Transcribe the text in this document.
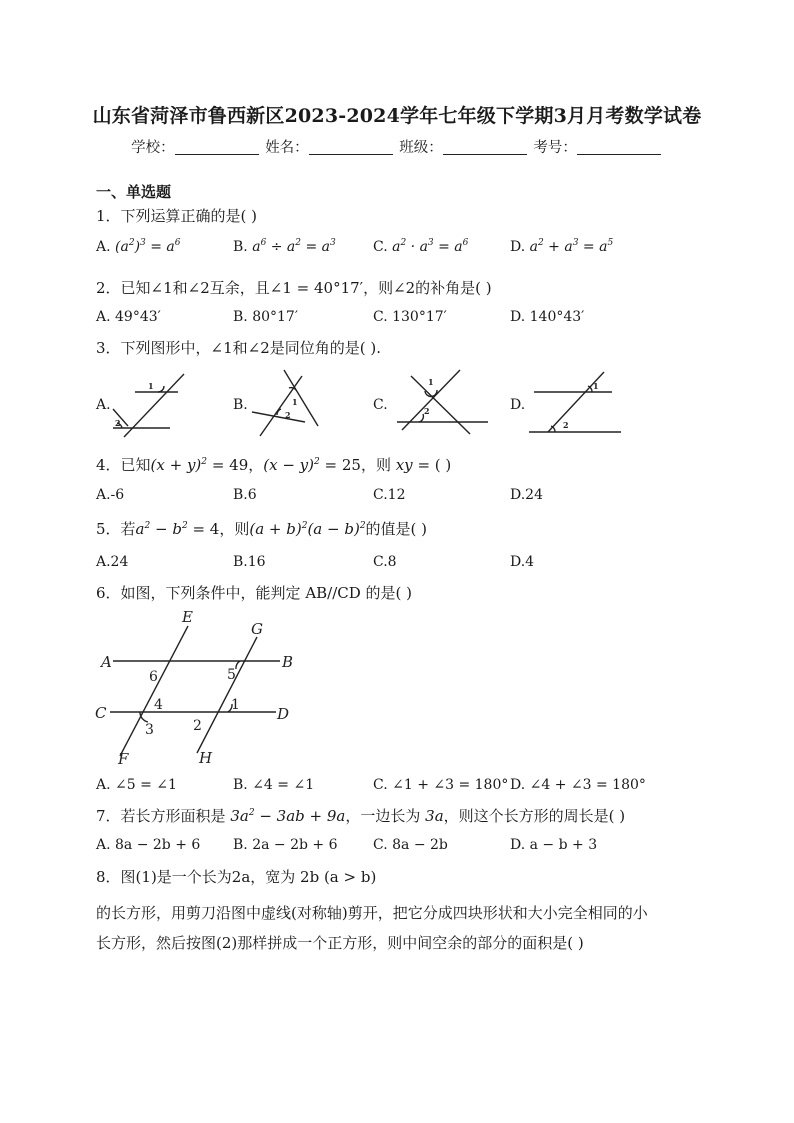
山东省菏泽市鲁西新区2023-2024学年七年级下学期3月月考数学试卷
学校：	姓名：	班级：	考号：
一、单选题
1．下列运算正确的是( )
A. $(a^2)^3 = a^6$	B. $a^6 \div a^2 = a^3$	C. $a^2 \cdot a^3 = a^6$	D. $a^2 + a^3 = a^5$
2．已知∠1和∠2互余，且∠1 = 40°17′，则∠2的补角是( )
A. 49°43′	B. 80°17′	C. 130°17′	D. 140°43′
3．下列图形中，∠1和∠2是同位角的是( ).
A.	B.	C.	D.
1
2
1
2
1
2
1
2
4．已知$(x + y)^2 = 49$，$(x - y)^2 = 25$，则 xy = ( )
A.-6	B.6	C.12	D.24
5．若$a^2 - b^2 = 4$，则$(a + b)^2(a - b)^2$的值是( )
A.24	B.16	C.8	D.4
6．如图，下列条件中，能判定 AB//CD 的是( )
E
G
A	B
C	D
F	H
6	5
4	1
3	2
A. ∠5 = ∠1	B. ∠4 = ∠1	C. ∠1 + ∠3 = 180° D. ∠4 + ∠3 = 180°
7．若长方形面积是 $3a^2 - 3ab + 9a$，一边长为 3a，则这个长方形的周长是( )
A. 8a − 2b + 6 B. 2a − 2b + 6	C. 8a − 2b	D. a − b + 3
8．图(1)是一个长为2a，宽为 2b (a > b)
的长方形，用剪刀沿图中虚线(对称轴)剪开，把它分成四块形状和大小完全相同的小
长方形，然后按图(2)那样拼成一个正方形，则中间空余的部分的面积是( )
